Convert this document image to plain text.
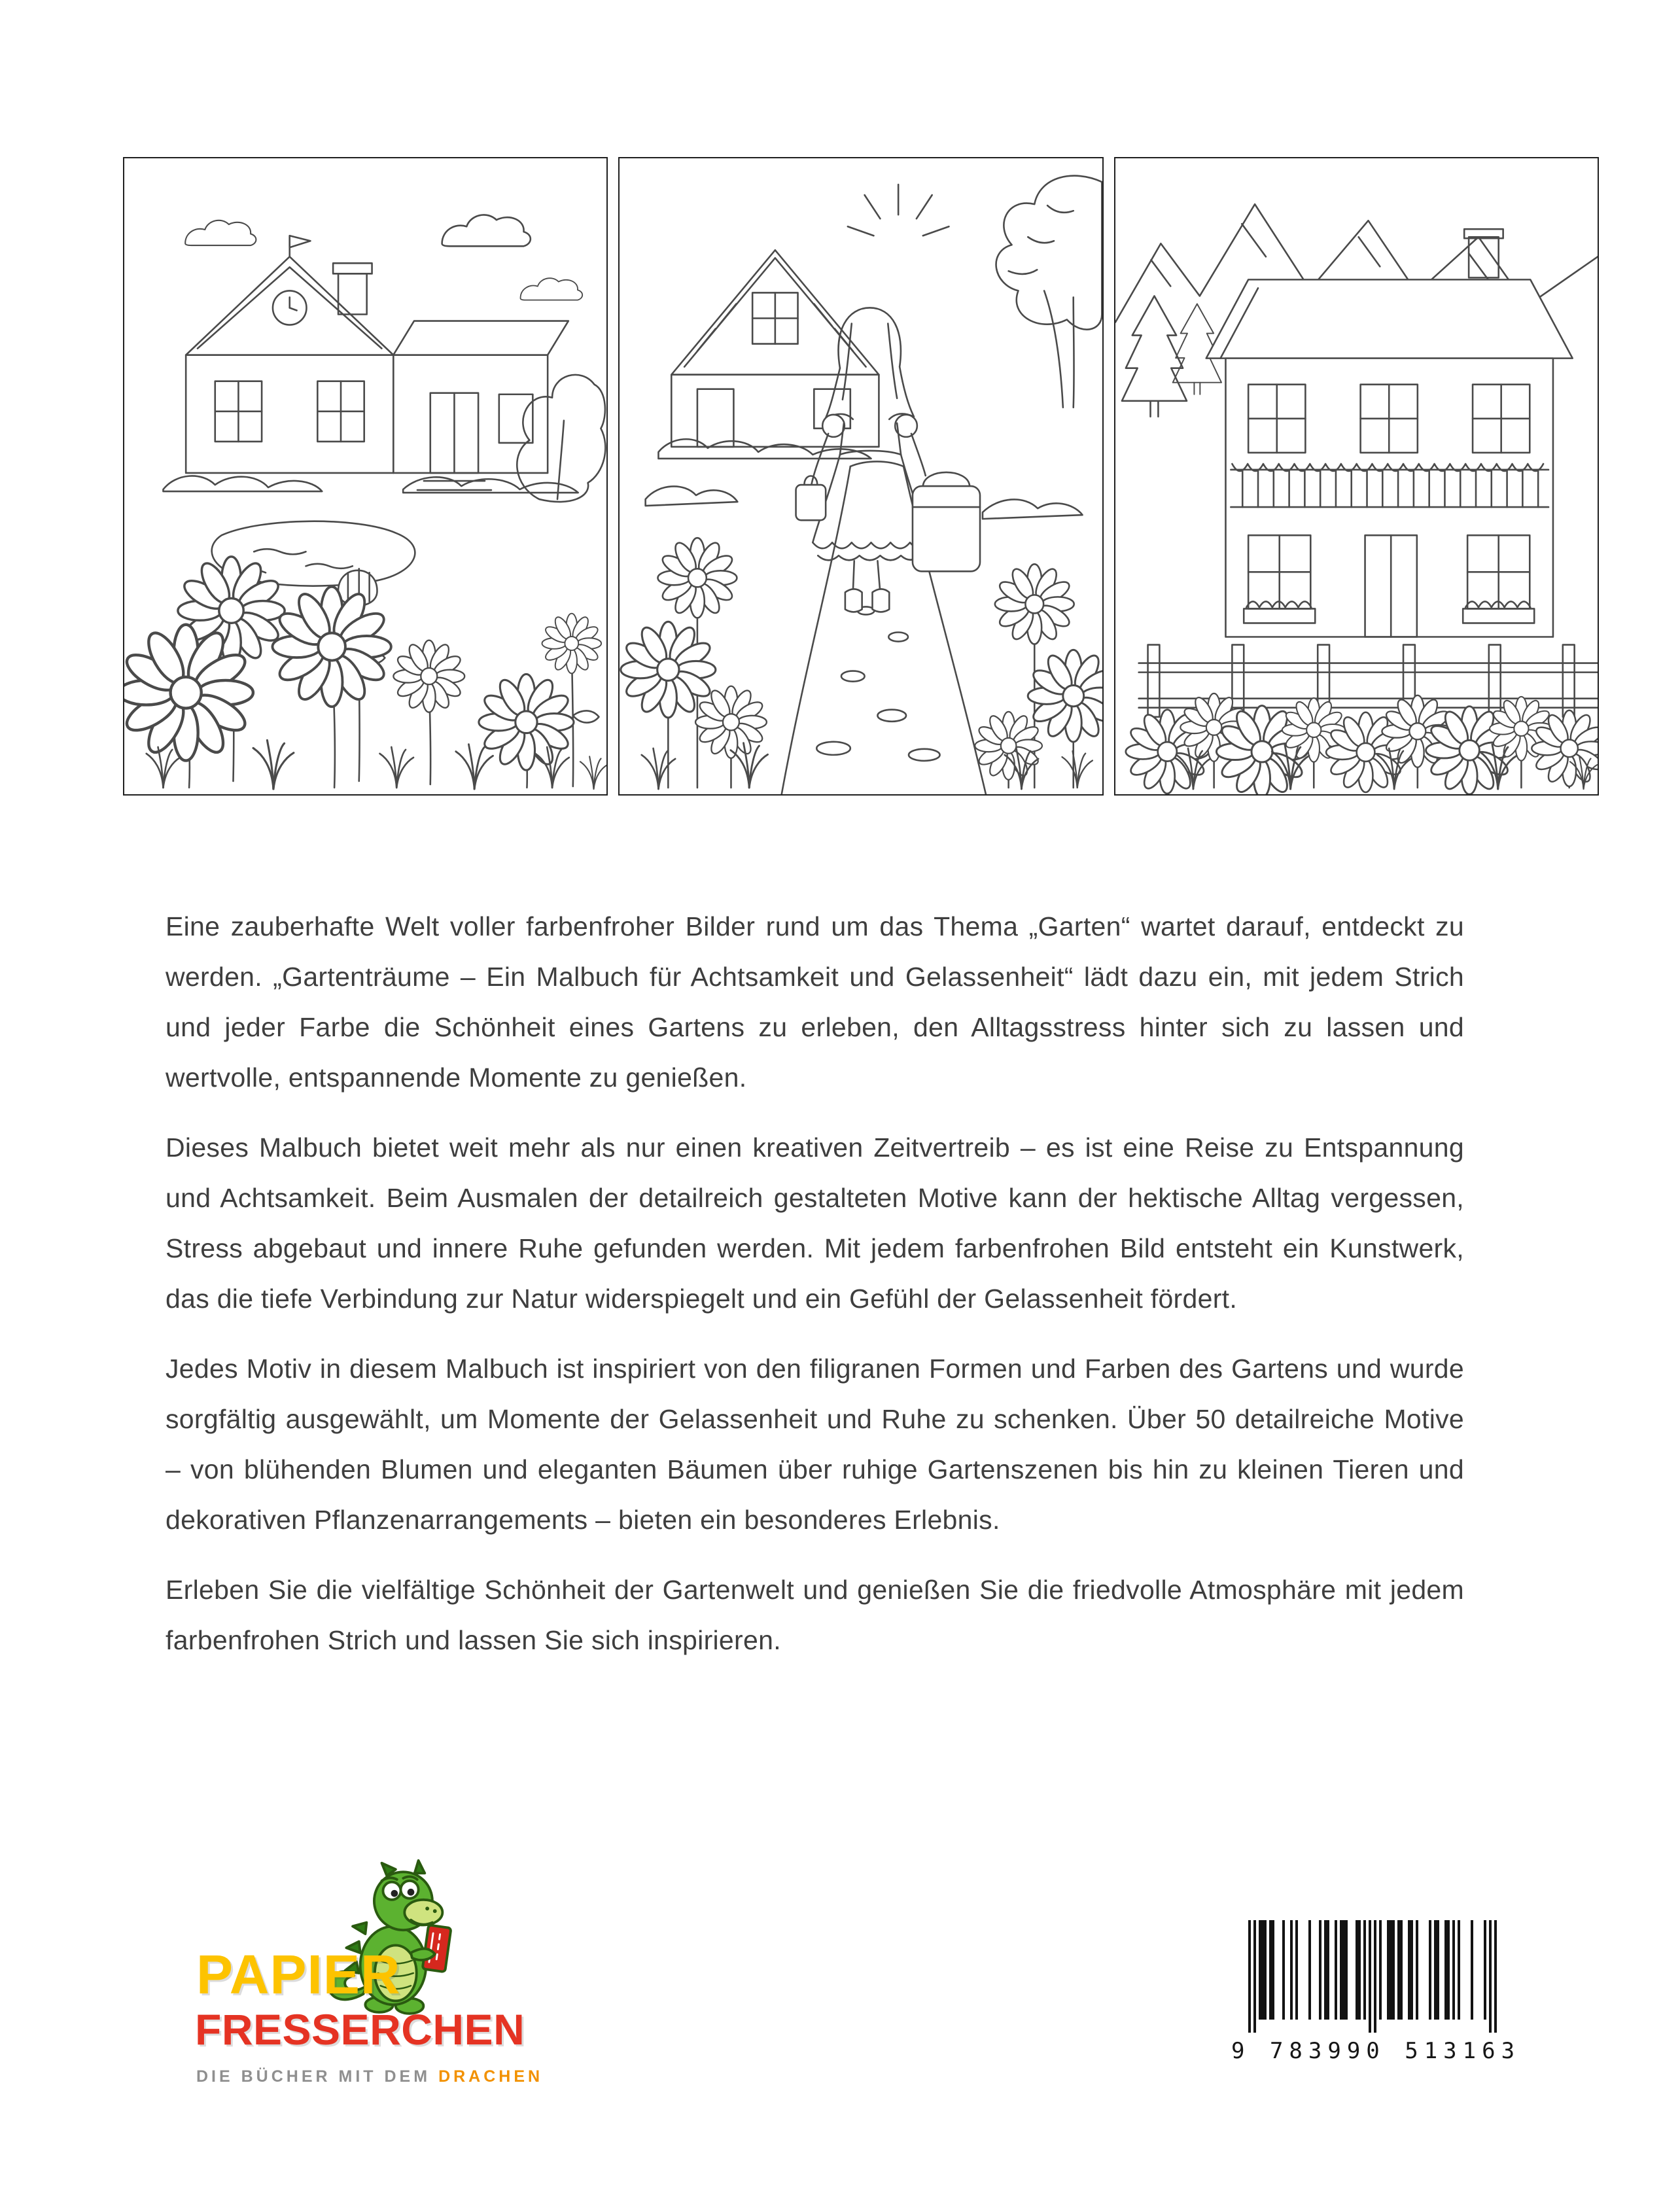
Eine zauberhafte Welt voller farbenfroher Bilder rund um das Thema „Garten“ wartet darauf, entdeckt zu werden. „Gartenträume – Ein Malbuch für Achtsamkeit und Gelassenheit“ lädt dazu ein, mit jedem Strich und jeder Farbe die Schönheit eines Gartens zu erleben, den Alltagsstress hinter sich zu lassen und wertvolle, entspannende Momente zu genießen.

Dieses Malbuch bietet weit mehr als nur einen kreativen Zeitvertreib – es ist eine Reise zu Entspannung und Achtsamkeit. Beim Ausmalen der detailreich gestalteten Motive kann der hektische Alltag vergessen, Stress abgebaut und innere Ruhe gefunden werden. Mit jedem farbenfrohen Bild entsteht ein Kunstwerk, das die tiefe Verbindung zur Natur widerspiegelt und ein Gefühl der Gelassenheit fördert.

Jedes Motiv in diesem Malbuch ist inspiriert von den filigranen Formen und Farben des Gartens und wurde sorgfältig ausgewählt, um Momente der Gelassenheit und Ruhe zu schenken. Über 50 detailreiche Motive – von blühenden Blumen und eleganten Bäumen über ruhige Gartenszenen bis hin zu kleinen Tieren und dekorativen Pflanzenarrangements – bieten ein besonderes Erlebnis.

Erleben Sie die vielfältige Schönheit der Gartenwelt und genießen Sie die friedvolle Atmosphäre mit jedem farbenfrohen Strich und lassen Sie sich inspirieren.

PAPIER
FRESSERCHEN
DIE BÜCHER MIT DEM DRACHEN
9 783990 513163
